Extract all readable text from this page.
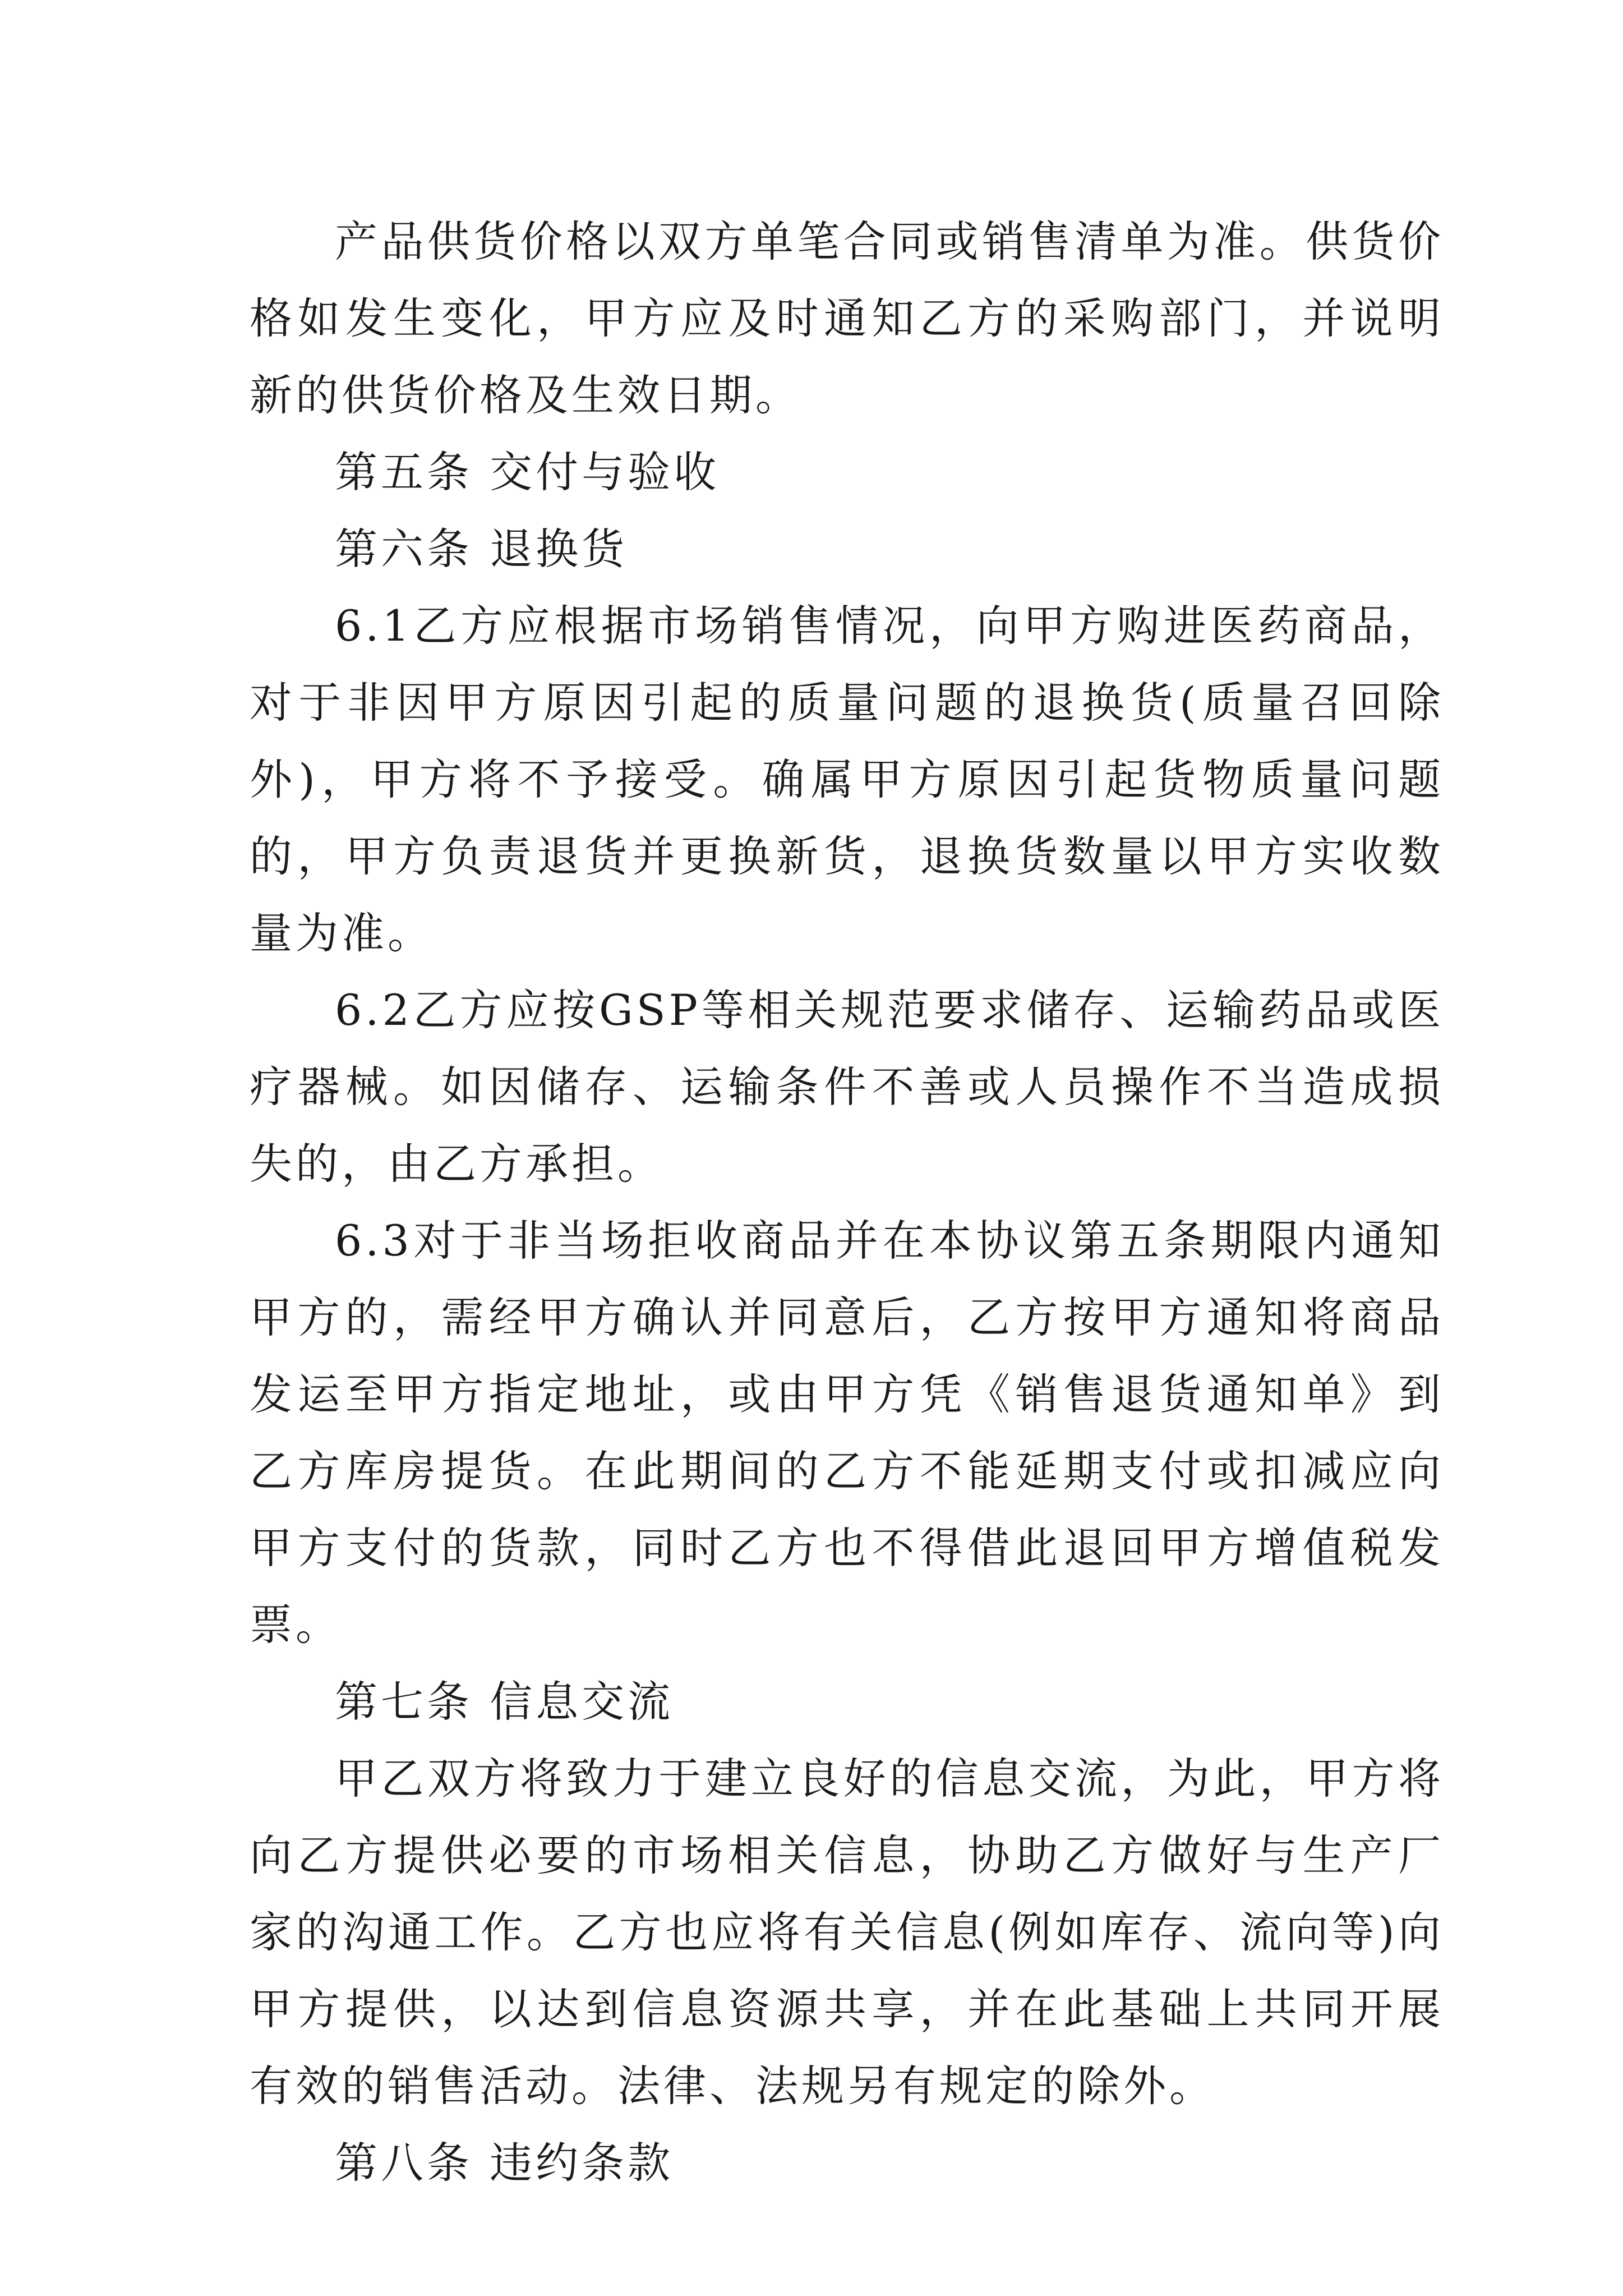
产品供货价格以双方单笔合同或销售清单为准。供货价格如发生变化，甲方应及时通知乙方的采购部门，并说明新的供货价格及生效日期。

第五条 交付与验收

第六条 退换货

6.1乙方应根据市场销售情况，向甲方购进医药商品，对于非因甲方原因引起的质量问题的退换货(质量召回除外)，甲方将不予接受。确属甲方原因引起货物质量问题的，甲方负责退货并更换新货，退换货数量以甲方实收数量为准。

6.2乙方应按GSP等相关规范要求储存、运输药品或医疗器械。如因储存、运输条件不善或人员操作不当造成损失的，由乙方承担。

6.3对于非当场拒收商品并在本协议第五条期限内通知甲方的，需经甲方确认并同意后，乙方按甲方通知将商品发运至甲方指定地址，或由甲方凭《销售退货通知单》到乙方库房提货。在此期间的乙方不能延期支付或扣减应向甲方支付的货款，同时乙方也不得借此退回甲方增值税发票。

第七条 信息交流

甲乙双方将致力于建立良好的信息交流，为此，甲方将向乙方提供必要的市场相关信息，协助乙方做好与生产厂家的沟通工作。乙方也应将有关信息(例如库存、流向等)向甲方提供，以达到信息资源共享，并在此基础上共同开展有效的销售活动。法律、法规另有规定的除外。

第八条 违约条款
